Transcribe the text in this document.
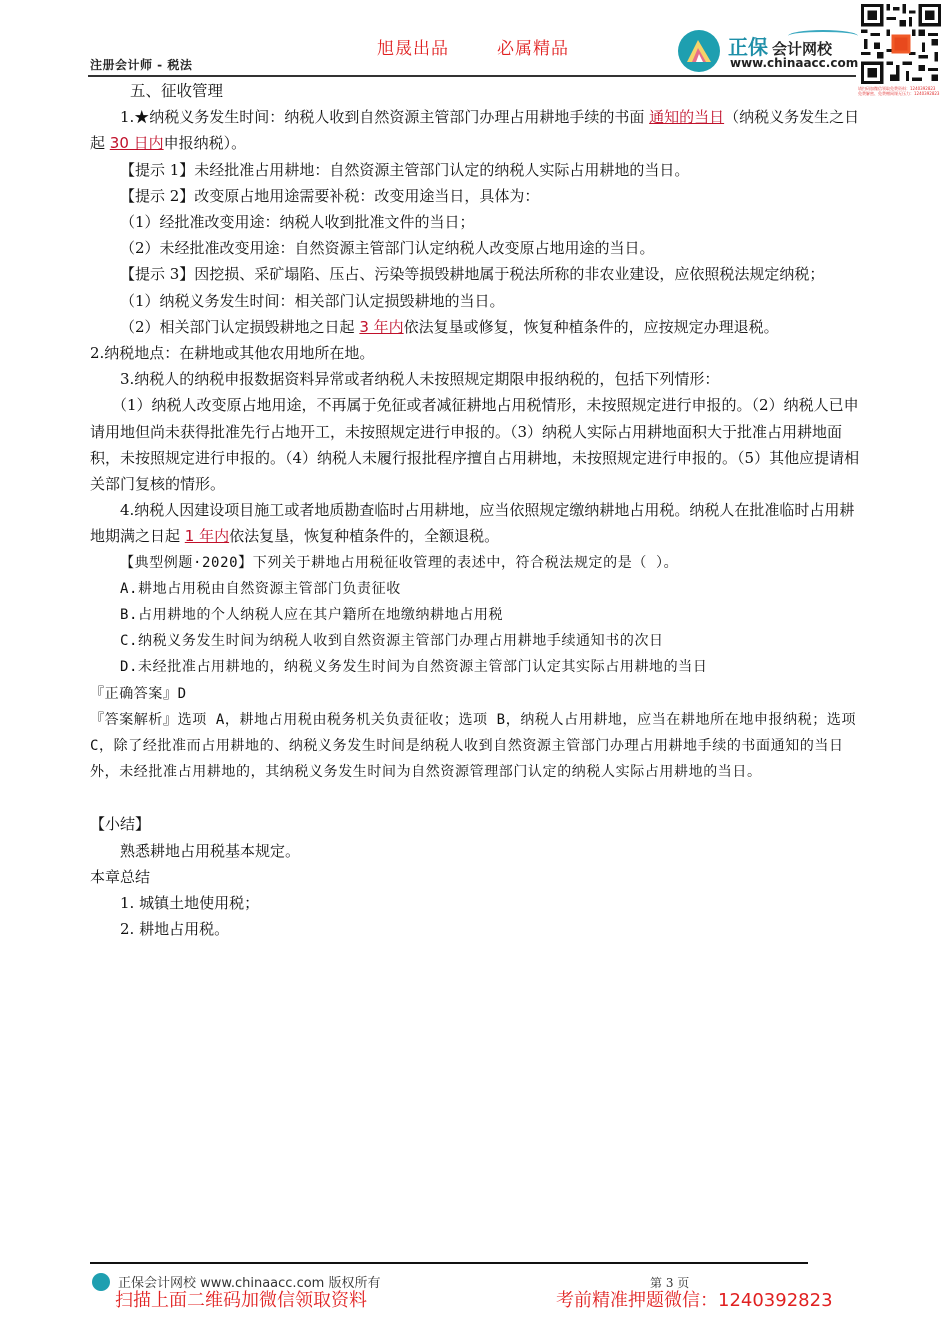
注册会计师 - 税法
旭晟出品	必属精品	正保 会计网校
www.chinaacc.com
请扫码加微信领取免费资料：1240392823
免费解密、免费赠网课无压力：1240392823

五、征收管理

1.★纳税义务发生时间：纳税人收到自然资源主管部门办理占用耕地手续的书面 通知的当日（纳税义务发生之日起 30 日内申报纳税）。

【提示 1】未经批准占用耕地：自然资源主管部门认定的纳税人实际占用耕地的当日。

【提示 2】改变原占地用途需要补税：改变用途当日，具体为：

（1）经批准改变用途：纳税人收到批准文件的当日；

（2）未经批准改变用途：自然资源主管部门认定纳税人改变原占地用途的当日。

【提示 3】因挖损、采矿塌陷、压占、污染等损毁耕地属于税法所称的非农业建设，应依照税法规定纳税；

（1）纳税义务发生时间：相关部门认定损毁耕地的当日。

（2）相关部门认定损毁耕地之日起 3 年内依法复垦或修复，恢复种植条件的，应按规定办理退税。

2.纳税地点：在耕地或其他农用地所在地。

3.纳税人的纳税申报数据资料异常或者纳税人未按照规定期限申报纳税的，包括下列情形：

（1）纳税人改变原占地用途，不再属于免征或者减征耕地占用税情形，未按照规定进行申报的。（2）纳税人已申请用地但尚未获得批准先行占地开工，未按照规定进行申报的。（3）纳税人实际占用耕地面积大于批准占用耕地面积，未按照规定进行申报的。（4）纳税人未履行报批程序擅自占用耕地，未按照规定进行申报的。（5）其他应提请相关部门复核的情形。

4.纳税人因建设项目施工或者地质勘查临时占用耕地，应当依照规定缴纳耕地占用税。纳税人在批准临时占用耕地期满之日起 1 年内依法复垦，恢复种植条件的，全额退税。

【典型例题·2020】下列关于耕地占用税征收管理的表述中，符合税法规定的是（ ）。

A.耕地占用税由自然资源主管部门负责征收

B.占用耕地的个人纳税人应在其户籍所在地缴纳耕地占用税

C.纳税义务发生时间为纳税人收到自然资源主管部门办理占用耕地手续通知书的次日

D.未经批准占用耕地的，纳税义务发生时间为自然资源主管部门认定其实际占用耕地的当日

『正确答案』D

『答案解析』选项 A，耕地占用税由税务机关负责征收；选项 B，纳税人占用耕地，应当在耕地所在地申报纳税；选项 C，除了经批准而占用耕地的、纳税义务发生时间是纳税人收到自然资源主管部门办理占用耕地手续的书面通知的当日外，未经批准占用耕地的，其纳税义务发生时间为自然资源管理部门认定的纳税人实际占用耕地的当日。

【小结】

熟悉耕地占用税基本规定。

本章总结

1. 城镇土地使用税；

2. 耕地占用税。

正保会计网校 www.chinaacc.com 版权所有	第 3 页
扫描上面二维码加微信领取资料	考前精准押题微信：1240392823
